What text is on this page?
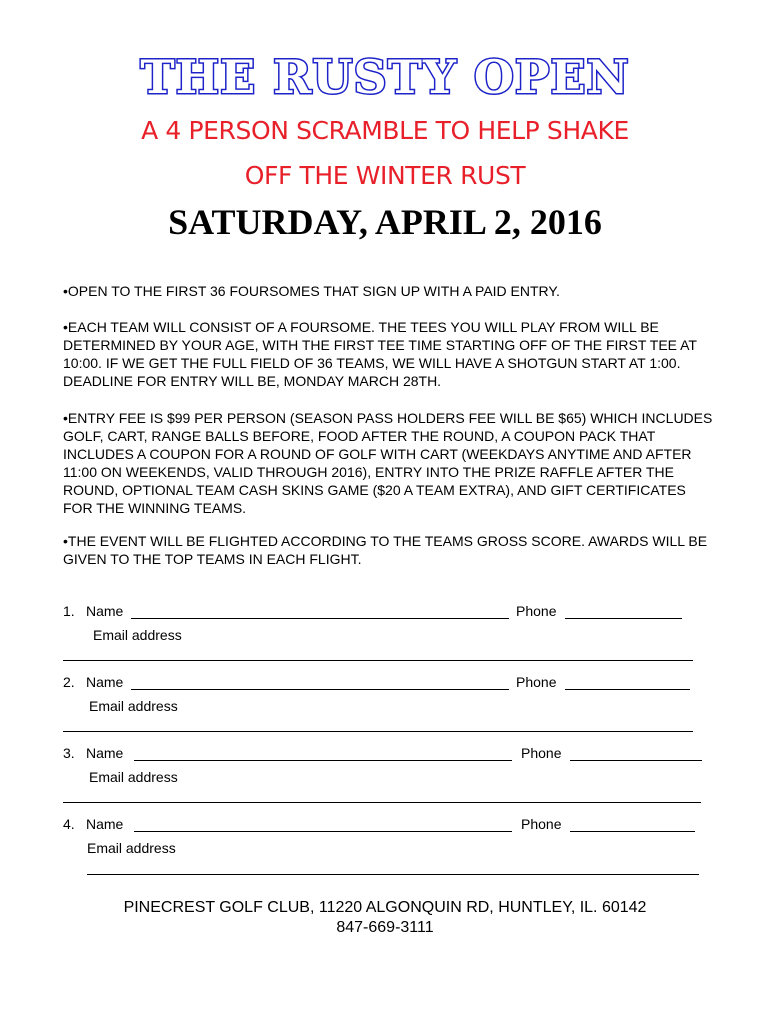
THE RUSTY OPEN
A 4 PERSON SCRAMBLE TO HELP SHAKE
OFF THE WINTER RUST
SATURDAY, APRIL 2, 2016
•OPEN TO THE FIRST 36 FOURSOMES THAT SIGN UP WITH A PAID ENTRY.
•EACH TEAM WILL CONSIST OF A FOURSOME. THE TEES YOU WILL PLAY FROM WILL BE DETERMINED BY YOUR AGE, WITH THE FIRST TEE TIME STARTING OFF OF THE FIRST TEE AT 10:00. IF WE GET THE FULL FIELD OF 36 TEAMS, WE WILL HAVE A SHOTGUN START AT 1:00. DEADLINE FOR ENTRY WILL BE, MONDAY MARCH 28TH.
•ENTRY FEE IS $99 PER PERSON (SEASON PASS HOLDERS FEE WILL BE $65) WHICH INCLUDES GOLF, CART, RANGE BALLS BEFORE, FOOD AFTER THE ROUND, A COUPON PACK THAT INCLUDES A COUPON FOR A ROUND OF GOLF WITH CART (WEEKDAYS ANYTIME AND AFTER 11:00 ON WEEKENDS, VALID THROUGH 2016), ENTRY INTO THE PRIZE RAFFLE AFTER THE ROUND, OPTIONAL TEAM CASH SKINS GAME ($20 A TEAM EXTRA), AND GIFT CERTIFICATES FOR THE WINNING TEAMS.
•THE EVENT WILL BE FLIGHTED ACCORDING TO THE TEAMS GROSS SCORE. AWARDS WILL BE GIVEN TO THE TOP TEAMS IN EACH FLIGHT.
1. Name	Phone
Email address
2. Name	Phone
Email address
3. Name	Phone
Email address
4. Name	Phone
Email address
PINECREST GOLF CLUB, 11220 ALGONQUIN RD, HUNTLEY, IL. 60142
847-669-3111
